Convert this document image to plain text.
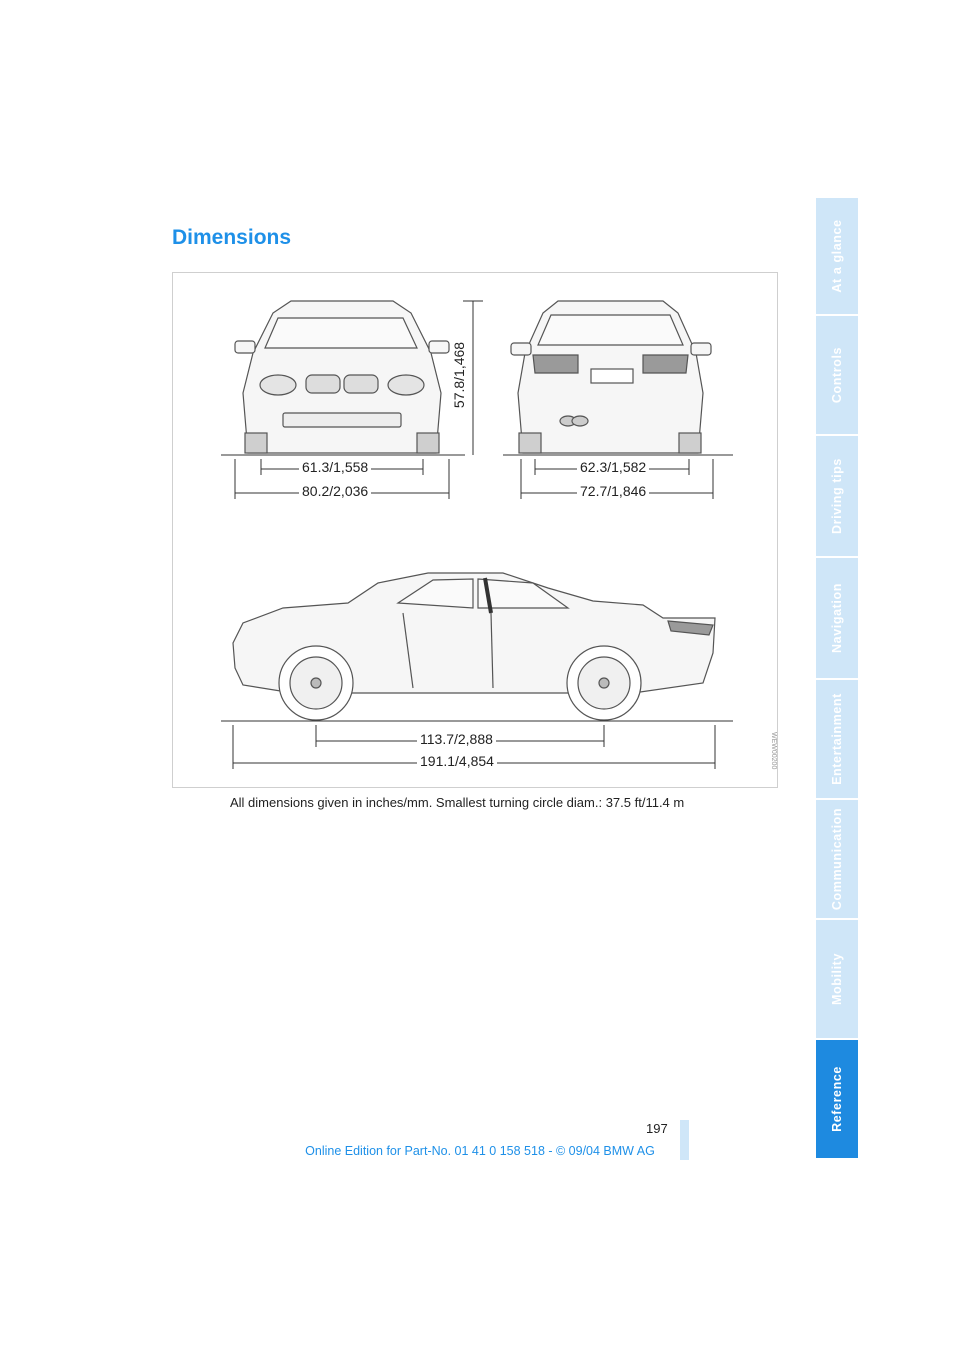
Dimensions
57.8/1,468
61.3/1,558
80.2/2,036
62.3/1,582
72.7/1,846
113.7/2,888
191.1/4,854	WEW00200
All dimensions given in inches/mm. Smallest turning circle diam.: 37.5 ft/11.4 m
197
Online Edition for Part-No. 01 41 0 158 518 - © 09/04 BMW AG
At a glance
Controls
Driving tips
Navigation
Entertainment
Communication
Mobility
Reference
